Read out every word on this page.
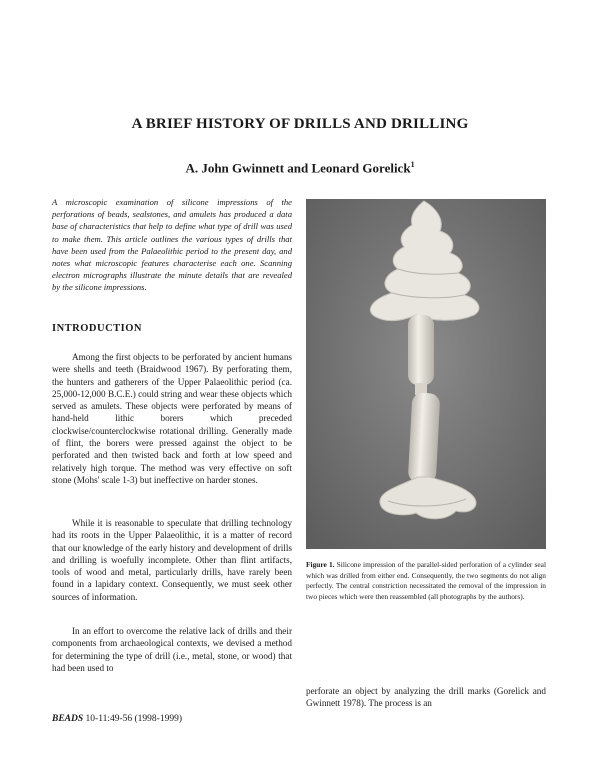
A BRIEF HISTORY OF DRILLS AND DRILLING
A. John Gwinnett and Leonard Gorelick$^1$
A microscopic examination of silicone impressions of the perforations of beads, sealstones, and amulets has produced a data base of characteristics that help to define what type of drill was used to make them. This article outlines the various types of drills that have been used from the Palaeolithic period to the present day, and notes what microscopic features characterise each one. Scanning electron micrographs illustrate the minute details that are revealed by the silicone impressions.
INTRODUCTION

Among the first objects to be perforated by ancient humans were shells and teeth (Braidwood 1967). By perforating them, the hunters and gatherers of the Upper Palaeolithic period (ca. 25,000-12,000 B.C.E.) could string and wear these objects which served as amulets. These objects were perforated by means of hand-held lithic borers which preceded clockwise/counterclockwise rotational drilling. Generally made of flint, the borers were pressed against the object to be perforated and then twisted back and forth at low speed and relatively high torque. The method was very effective on soft stone (Mohs' scale 1-3) but ineffective on harder stones.

While it is reasonable to speculate that drilling technology had its roots in the Upper Palaeolithic, it is a matter of record that our knowledge of the early history and development of drills and drilling is woefully incomplete. Other than flint artifacts, tools of wood and metal, particularly drills, have rarely been found in a lapidary context. Consequently, we must seek other sources of information.

In an effort to overcome the relative lack of drills and their components from archaeological contexts, we devised a method for determining the type of drill (i.e., metal, stone, or wood) that had been used to

BEADS 10-11:49-56 (1998-1999)
Figure 1. Silicone impression of the parallel-sided perforation of a cylinder seal which was drilled from either end. Consequently, the two segments do not align perfectly. The central constriction necessitated the removal of the impression in two pieces which were then reassembled (all photographs by the authors).
perforate an object by analyzing the drill marks (Gorelick and Gwinnett 1978). The process is an
